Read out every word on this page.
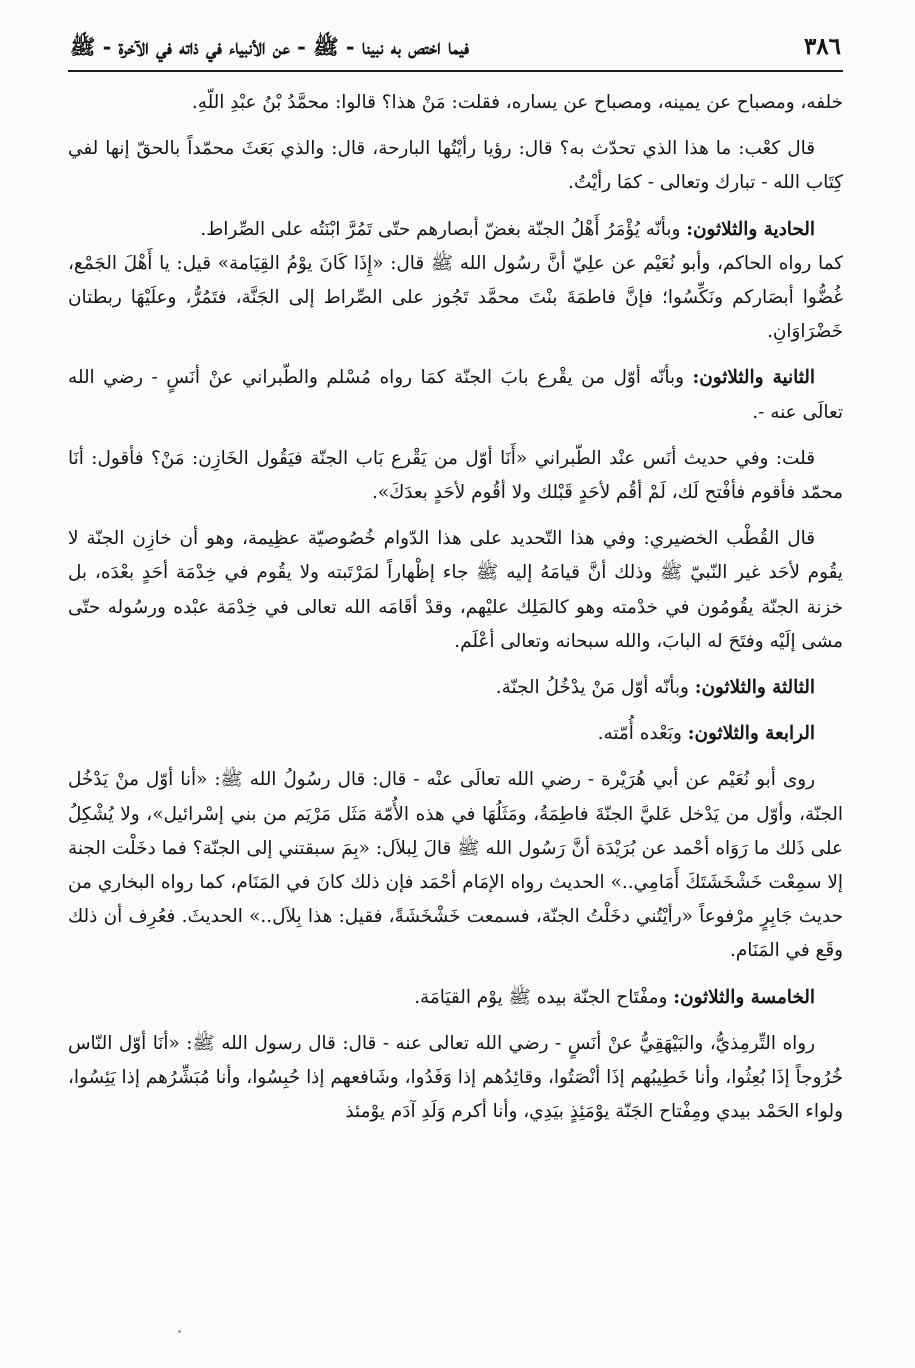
٣٨٦
فيما اختص به نبينا - ﷺ - عن الأنبياء في ذاته في الآخرة - ﷺ

خلفه، ومصباح عن يمينه، ومصباح عن يساره، فقلت: مَنْ هذا؟ قالوا: محمَّدُ بْنُ عبْدِ اللّهِ.

قال كعْب: ما هذا الذي تحدّث به؟ قال: رؤيا رأيْتُها البارحة، قال: والذي بَعَثَ محمّداً بالحقّ إنها لفي كِتَاب الله - تبارك وتعالى - كمَا رأيْتُ.

الحادية والثلاثون: وبأنّه يُؤْمَرُ أَهْلُ الجنّة بغضّ أبصارهم حتّى تَمُرَّ ابْنَتُه على الصِّراط.

كما رواه الحاكم، وأبو نُعَيْم عن علِيّ أنَّ رسُول الله ﷺ قال: «إِذَا كَانَ يوْمُ القِيَامة» قيل: يا أَهْلَ الجَمْع، غُضُّوا أبصَاركم ونَكِّسُوا؛ فإنَّ فاطمَةَ بنْتَ محمَّد تَجُوز على الصِّراط إلى الجَنَّة، فتَمُرُّ، وعلَيْهَا ربطتان خَضْرَاوَانِ.

الثانية والثلاثون: وبأنّه أوّل من يقْرع بابَ الجنّة كمَا رواه مُسْلم والطّبراني عنْ أنَسٍ - رضي الله تعالَى عنه -.

قلت: وفي حديث أنَس عنْد الطّبراني «أَنَا أوّل من يَقْرع بَاب الجنّة فيَقُول الخَازِن: مَنْ؟ فأقول: أنَا محمّد فأقوم فأفْتح لَك، لَمْ أقُم لأحَدٍ قَبْلك ولا أقُوم لأحَدٍ بعدَكَ».

قال القُطْب الخضيري: وفي هذا التّحديد على هذا الدّوام خُصُوصيّة عظِيمة، وهو أن خازِن الجنّة لا يقُوم لأحَد غير النّبيّ ﷺ وذلك أنَّ قيامَهُ إليه ﷺ جاء إظْهاراً لمَرْتَبته ولا يقُوم في خِدْمَة أحَدٍ بعْدَه، بل خزنة الجنّة يقُومُون في خدْمته وهو كالمَلِك عليْهم، وقدْ أقَامَه الله تعالى في خِدْمَة عبْده ورسُوله حتّى مشى إلَيْه وفتَحَ له البابَ، والله سبحانه وتعالى أعْلَم.

الثالثة والثلاثون: وبأنّه أوّل مَنْ يدْخُلُ الجنّة.

الرابعة والثلاثون: وبَعْده أُمّته.

روى أبو نُعَيْم عن أبي هُرَيْرة - رضي الله تعالَى عنْه - قال: قال رسُولُ الله ﷺ: «أنا أوّل منْ يَدْخُل الجنّة، وأوّل من يَدْخل عَليَّ الجنّةَ فاطِمَةُ، ومَثَلُهَا في هذه الأُمّة مَثَل مَرْيَم من بني إسْرائيل»، ولا يُشْكِلُ على ذَلك ما رَوَاه أحْمد عن بُرَيْدَة أنَّ رَسُول الله ﷺ قالَ لِبلاَل: «بِمَ سبقتني إلى الجنّة؟ فما دخَلْت الجنة إلا سمِعْت خَشْخَشَتَكَ أَمَامِي..» الحديث رواه الإمَام أحْمَد فإن ذلك كانَ في المَنَام، كما رواه البخاري من حديث جَابِرٍ مرْفوعاً «رأيْتُني دخَلْتُ الجنّة، فسمعت خَشْخَشَةً، فقيل: هذا بِلاَل..» الحديثَ. فعُرِف أن ذلك وقَع في المَنَام.

الخامسة والثلاثون: ومفْتَاح الجنّة بيده ﷺ يوْم القيَامَة.

رواه التِّرمِذيُّ، والبَيْهَقِيُّ عنْ أنَسٍ - رضي الله تعالى عنه - قال: قال رسول الله ﷺ: «أنَا أوّل النّاس خُرُوجاً إذَا بُعِثُوا، وأنا خَطِيبُهم إذَا أنْصَتُوا، وقائِدُهم إذا وَفَدُوا، وشَافعهم إذا حُبِسُوا، وأنا مُبَشِّرُهم إذا يَئِسُوا، ولواء الحَمْد بيدي ومِفْتاح الجَنّة يوْمَئِذٍ بيَدِي، وأنا أكرم وَلَدِ آدَم يوْمئذ
